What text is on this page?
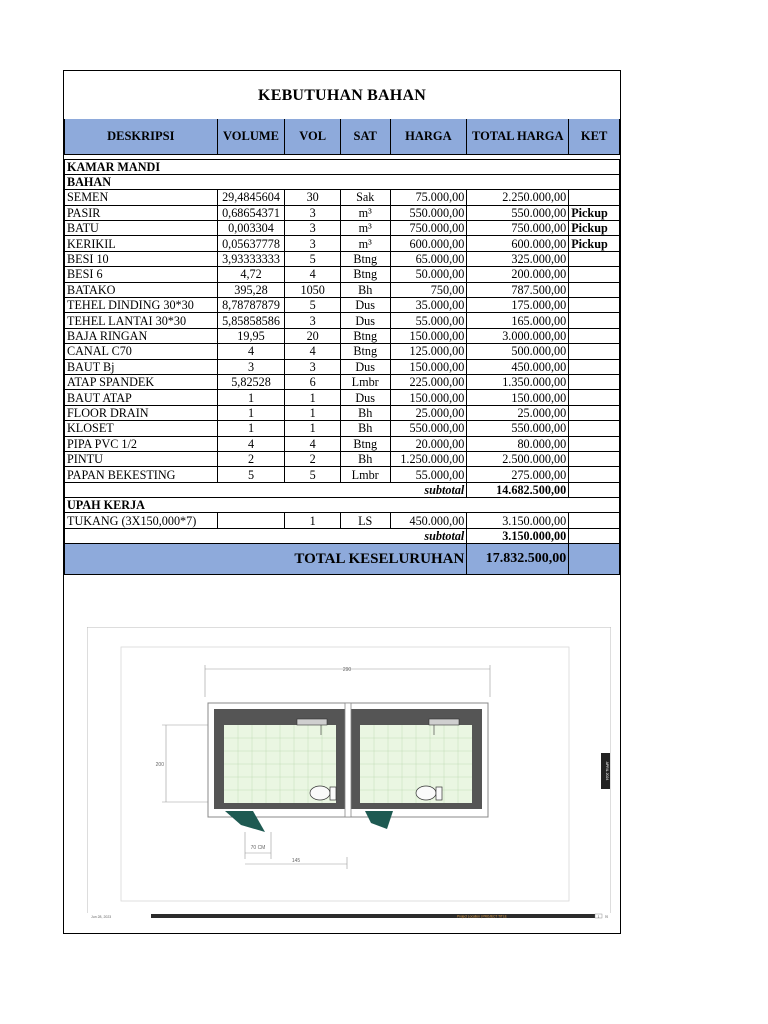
KEBUTUHAN BAHAN
DESKRIPSI	VOLUME	VOL	SAT	HARGA	TOTAL HARGA	KET

KAMAR MANDI						
BAHAN						
SEMEN	29,4845604	30	Sak	75.000,00	2.250.000,00	
PASIR	0,68654371	3	m³	550.000,00	550.000,00	Pickup
BATU	0,003304	3	m³	750.000,00	750.000,00	Pickup
KERIKIL	0,05637778	3	m³	600.000,00	600.000,00	Pickup
BESI 10	3,93333333	5	Btng	65.000,00	325.000,00	
BESI 6	4,72	4	Btng	50.000,00	200.000,00	
BATAKO	395,28	1050	Bh	750,00	787.500,00	
TEHEL DINDING 30*30	8,78787879	5	Dus	35.000,00	175.000,00	
TEHEL LANTAI 30*30	5,85858586	3	Dus	55.000,00	165.000,00	
BAJA RINGAN	19,95	20	Btng	150.000,00	3.000.000,00	
CANAL C70	4	4	Btng	125.000,00	500.000,00	
BAUT Bj	3	3	Dus	150.000,00	450.000,00	
ATAP SPANDEK	5,82528	6	Lmbr	225.000,00	1.350.000,00	
BAUT ATAP	1	1	Dus	150.000,00	150.000,00	
FLOOR DRAIN	1	1	Bh	25.000,00	25.000,00	
KLOSET	1	1	Bh	550.000,00	550.000,00	
PIPA PVC 1/2	4	4	Btng	20.000,00	80.000,00	
PINTU	2	2	Bh	1.250.000,00	2.500.000,00	
PAPAN BEKESTING	5	5	Lmbr	55.000,00	275.000,00	
subtotal					14.682.500,00	
UPAH KERJA						
TUKANG (3X150,000*7)		1	LS	450.000,00	3.150.000,00	
subtotal					3.150.000,00	
TOTAL KESELURUHAN					17.832.500,00	
290
200
70 CM
145
APRIL 2024
Jun 28, 2023	Project Location | PROJECT TITLE	1 01
